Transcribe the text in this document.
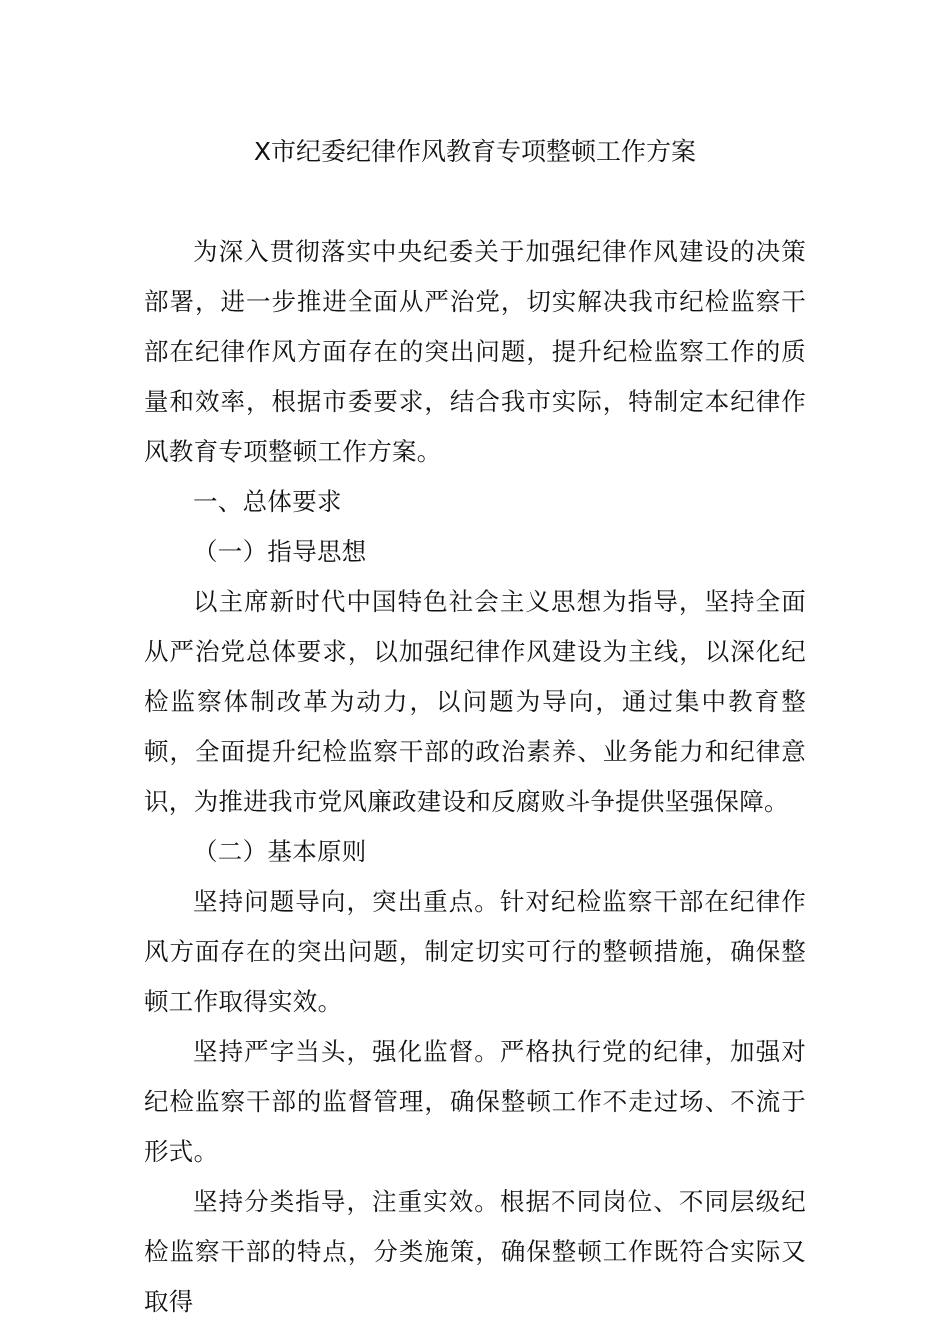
X市纪委纪律作风教育专项整顿工作方案

为深入贯彻落实中央纪委关于加强纪律作风建设的决策部署，进一步推进全面从严治党，切实解决我市纪检监察干部在纪律作风方面存在的突出问题，提升纪检监察工作的质量和效率，根据市委要求，结合我市实际，特制定本纪律作风教育专项整顿工作方案。

一、总体要求

（一）指导思想

以主席新时代中国特色社会主义思想为指导，坚持全面从严治党总体要求，以加强纪律作风建设为主线，以深化纪检监察体制改革为动力，以问题为导向，通过集中教育整顿，全面提升纪检监察干部的政治素养、业务能力和纪律意识，为推进我市党风廉政建设和反腐败斗争提供坚强保障。

（二）基本原则

坚持问题导向，突出重点。针对纪检监察干部在纪律作风方面存在的突出问题，制定切实可行的整顿措施，确保整顿工作取得实效。

坚持严字当头，强化监督。严格执行党的纪律，加强对纪检监察干部的监督管理，确保整顿工作不走过场、不流于形式。

坚持分类指导，注重实效。根据不同岗位、不同层级纪检监察干部的特点，分类施策，确保整顿工作既符合实际又取得
